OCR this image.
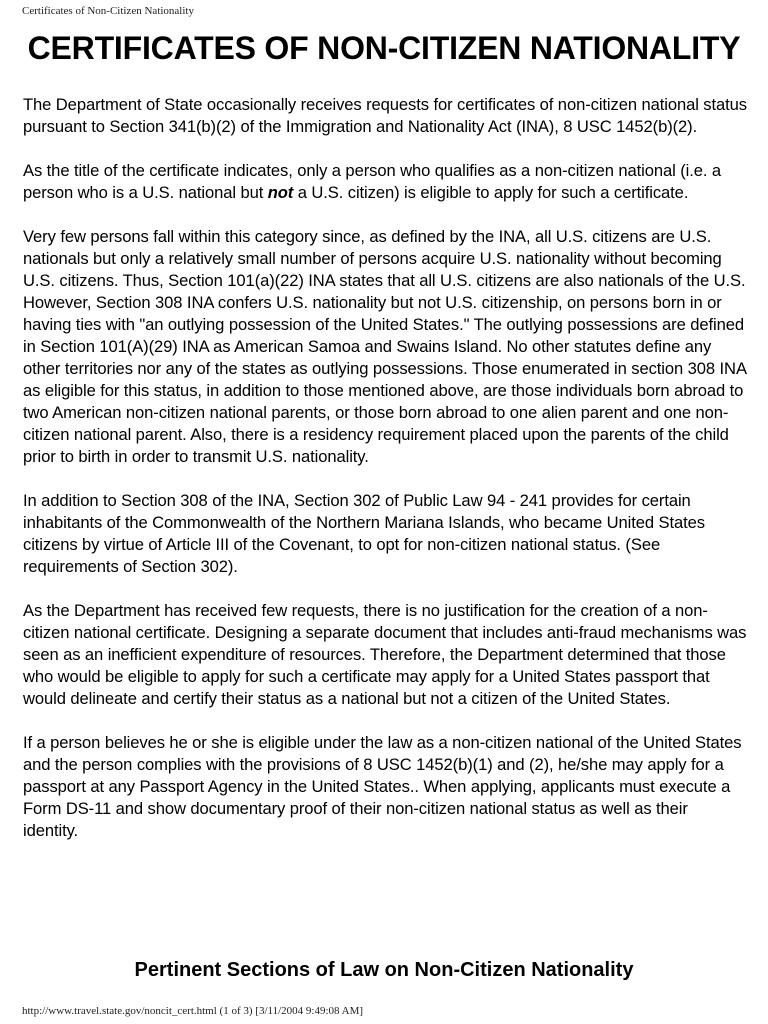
Certificates of Non-Citizen Nationality
CERTIFICATES OF NON-CITIZEN NATIONALITY

The Department of State occasionally receives requests for certificates of non-citizen national status pursuant to Section 341(b)(2) of the Immigration and Nationality Act (INA), 8 USC 1452(b)(2).

As the title of the certificate indicates, only a person who qualifies as a non-citizen national (i.e. a person who is a U.S. national but not a U.S. citizen) is eligible to apply for such a certificate.

Very few persons fall within this category since, as defined by the INA, all U.S. citizens are U.S. nationals but only a relatively small number of persons acquire U.S. nationality without becoming U.S. citizens. Thus, Section 101(a)(22) INA states that all U.S. citizens are also nationals of the U.S. However, Section 308 INA confers U.S. nationality but not U.S. citizenship, on persons born in or having ties with "an outlying possession of the United States." The outlying possessions are defined in Section 101(A)(29) INA as American Samoa and Swains Island. No other statutes define any other territories nor any of the states as outlying possessions. Those enumerated in section 308 INA as eligible for this status, in addition to those mentioned above, are those individuals born abroad to two American non-citizen national parents, or those born abroad to one alien parent and one non-citizen national parent. Also, there is a residency requirement placed upon the parents of the child prior to birth in order to transmit U.S. nationality.

In addition to Section 308 of the INA, Section 302 of Public Law 94 - 241 provides for certain inhabitants of the Commonwealth of the Northern Mariana Islands, who became United States citizens by virtue of Article III of the Covenant, to opt for non-citizen national status. (See requirements of Section 302).

As the Department has received few requests, there is no justification for the creation of a non-citizen national certificate. Designing a separate document that includes anti-fraud mechanisms was seen as an inefficient expenditure of resources. Therefore, the Department determined that those who would be eligible to apply for such a certificate may apply for a United States passport that would delineate and certify their status as a national but not a citizen of the United States.

If a person believes he or she is eligible under the law as a non-citizen national of the United States and the person complies with the provisions of 8 USC 1452(b)(1) and (2), he/she may apply for a passport at any Passport Agency in the United States.. When applying, applicants must execute a Form DS-11 and show documentary proof of their non-citizen national status as well as their identity.

Pertinent Sections of Law on Non-Citizen Nationality
http://www.travel.state.gov/noncit_cert.html (1 of 3) [3/11/2004 9:49:08 AM]
